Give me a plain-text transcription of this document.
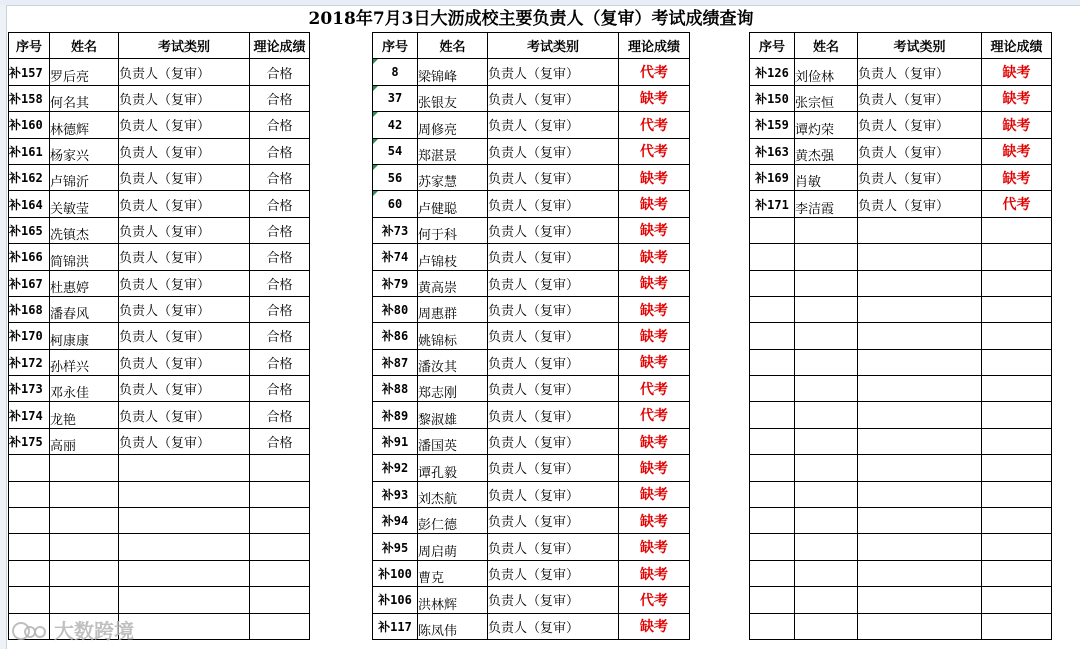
2018年7月3日大沥成校主要负责人（复审）考试成绩查询
序号	姓名	考试类别	理论成绩
补157	罗后亮	负责人（复审）	合格
补158	何名其	负责人（复审）	合格
补160	林德辉	负责人（复审）	合格
补161	杨家兴	负责人（复审）	合格
补162	卢锦沂	负责人（复审）	合格
补164	关敏莹	负责人（复审）	合格
补165	冼镇杰	负责人（复审）	合格
补166	简锦洪	负责人（复审）	合格
补167	杜惠婷	负责人（复审）	合格
补168	潘春风	负责人（复审）	合格
补170	柯康康	负责人（复审）	合格
补172	孙样兴	负责人（复审）	合格
补173	邓永佳	负责人（复审）	合格
补174	龙艳	负责人（复审）	合格
补175	高丽	负责人（复审）	合格

序号	姓名	考试类别	理论成绩
8	梁锦峰	负责人（复审）	代考
37	张银友	负责人（复审）	缺考
42	周修亮	负责人（复审）	代考
54	郑湛景	负责人（复审）	代考
56	苏家慧	负责人（复审）	缺考
60	卢健聪	负责人（复审）	缺考
补73	何于科	负责人（复审）	缺考
补74	卢锦枝	负责人（复审）	缺考
补79	黄高崇	负责人（复审）	缺考
补80	周惠群	负责人（复审）	缺考
补86	姚锦标	负责人（复审）	缺考
补87	潘汝其	负责人（复审）	缺考
补88	郑志刚	负责人（复审）	代考
补89	黎淑雄	负责人（复审）	代考
补91	潘国英	负责人（复审）	缺考
补92	谭孔毅	负责人（复审）	缺考
补93	刘杰航	负责人（复审）	缺考
补94	彭仁德	负责人（复审）	缺考
补95	周启萌	负责人（复审）	缺考
补100	曹克	负责人（复审）	缺考
补106	洪林辉	负责人（复审）	代考
补117	陈凤伟	负责人（复审）	缺考
序号	姓名	考试类别	理论成绩
补126	刘俭林	负责人（复审）	缺考
补150	张宗恒	负责人（复审）	缺考
补159	谭灼荣	负责人（复审）	缺考
补163	黄杰强	负责人（复审）	缺考
补169	肖敏	负责人（复审）	缺考
补171	李洁霞	负责人（复审）	代考

大数跨境
